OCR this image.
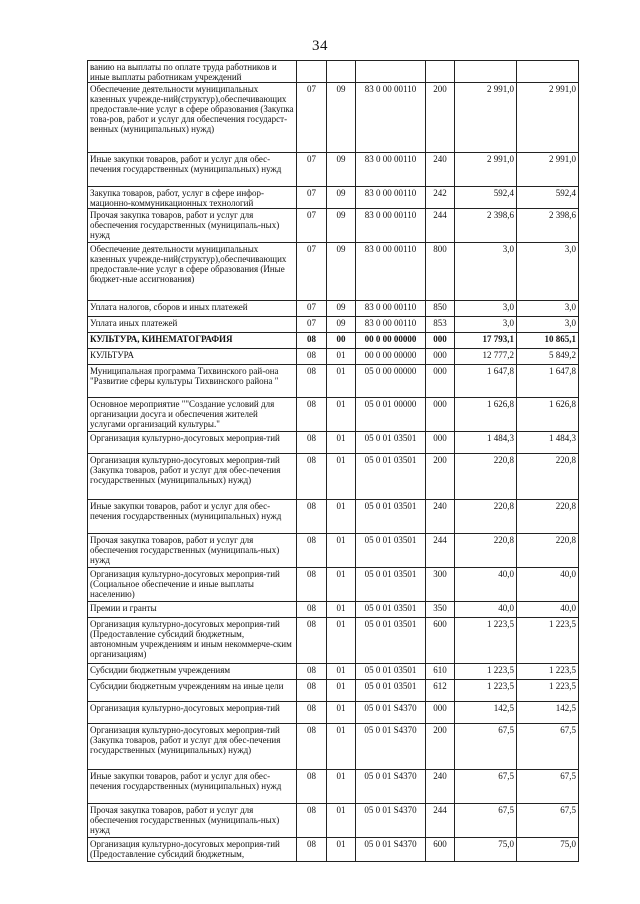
34
ванию на выплаты по оплате труда работников и иные выплаты работникам учреждений						
Обеспечение деятельности муниципальных казенных учрежде-ний(структур),обеспечивающих предоставле-ние услуг в сфере образования (Закупка това-ров, работ и услуг для обеспечения государст-венных (муниципальных) нужд)	07	09	83 0 00 00110	200	2 991,0	2 991,0
Иные закупки товаров, работ и услуг для обес-печения государственных (муниципальных) нужд	07	09	83 0 00 00110	240	2 991,0	2 991,0
Закупка товаров, работ, услуг в сфере инфор-мационно-коммуникационных технологий	07	09	83 0 00 00110	242	592,4	592,4
Прочая закупка товаров, работ и услуг для обеспечения государственных (муниципаль-ных) нужд	07	09	83 0 00 00110	244	2 398,6	2 398,6
Обеспечение деятельности муниципальных казенных учрежде-ний(структур),обеспечивающих предоставле-ние услуг в сфере образования (Иные бюджет-ные ассигнования)	07	09	83 0 00 00110	800	3,0	3,0
Уплата налогов, сборов и иных платежей	07	09	83 0 00 00110	850	3,0	3,0
Уплата иных платежей	07	09	83 0 00 00110	853	3,0	3,0
КУЛЬТУРА, КИНЕМАТОГРАФИЯ	08	00	00 0 00 00000	000	17 793,1	10 865,1
КУЛЬТУРА	08	01	00 0 00 00000	000	12 777,2	5 849,2
Муниципальная программа Тихвинского рай-она "Развитие сферы культуры Тихвинского района "	08	01	05 0 00 00000	000	1 647,8	1 647,8
Основное мероприятие ""Создание условий для организации досуга и обеспечения жителей услугами организаций культуры."	08	01	05 0 01 00000	000	1 626,8	1 626,8
Организация культурно-досуговых мероприя-тий	08	01	05 0 01 03501	000	1 484,3	1 484,3
Организация культурно-досуговых мероприя-тий (Закупка товаров, работ и услуг для обес-печения государственных (муниципальных) нужд)	08	01	05 0 01 03501	200	220,8	220,8
Иные закупки товаров, работ и услуг для обес-печения государственных (муниципальных) нужд	08	01	05 0 01 03501	240	220,8	220,8
Прочая закупка товаров, работ и услуг для обеспечения государственных (муниципаль-ных) нужд	08	01	05 0 01 03501	244	220,8	220,8
Организация культурно-досуговых мероприя-тий (Социальное обеспечение и иные выплаты населению)	08	01	05 0 01 03501	300	40,0	40,0
Премии и гранты	08	01	05 0 01 03501	350	40,0	40,0
Организация культурно-досуговых мероприя-тий (Предоставление субсидий бюджетным, автономным учреждениям и иным некоммерче-ским организациям)	08	01	05 0 01 03501	600	1 223,5	1 223,5
Субсидии бюджетным учреждениям	08	01	05 0 01 03501	610	1 223,5	1 223,5
Субсидии бюджетным учреждениям на иные цели	08	01	05 0 01 03501	612	1 223,5	1 223,5
Организация культурно-досуговых мероприя-тий	08	01	05 0 01 S4370	000	142,5	142,5
Организация культурно-досуговых мероприя-тий (Закупка товаров, работ и услуг для обес-печения государственных (муниципальных) нужд)	08	01	05 0 01 S4370	200	67,5	67,5
Иные закупки товаров, работ и услуг для обес-печения государственных (муниципальных) нужд	08	01	05 0 01 S4370	240	67,5	67,5
Прочая закупка товаров, работ и услуг для обеспечения государственных (муниципаль-ных) нужд	08	01	05 0 01 S4370	244	67,5	67,5
Организация культурно-досуговых мероприя-тий (Предоставление субсидий бюджетным,	08	01	05 0 01 S4370	600	75,0	75,0
